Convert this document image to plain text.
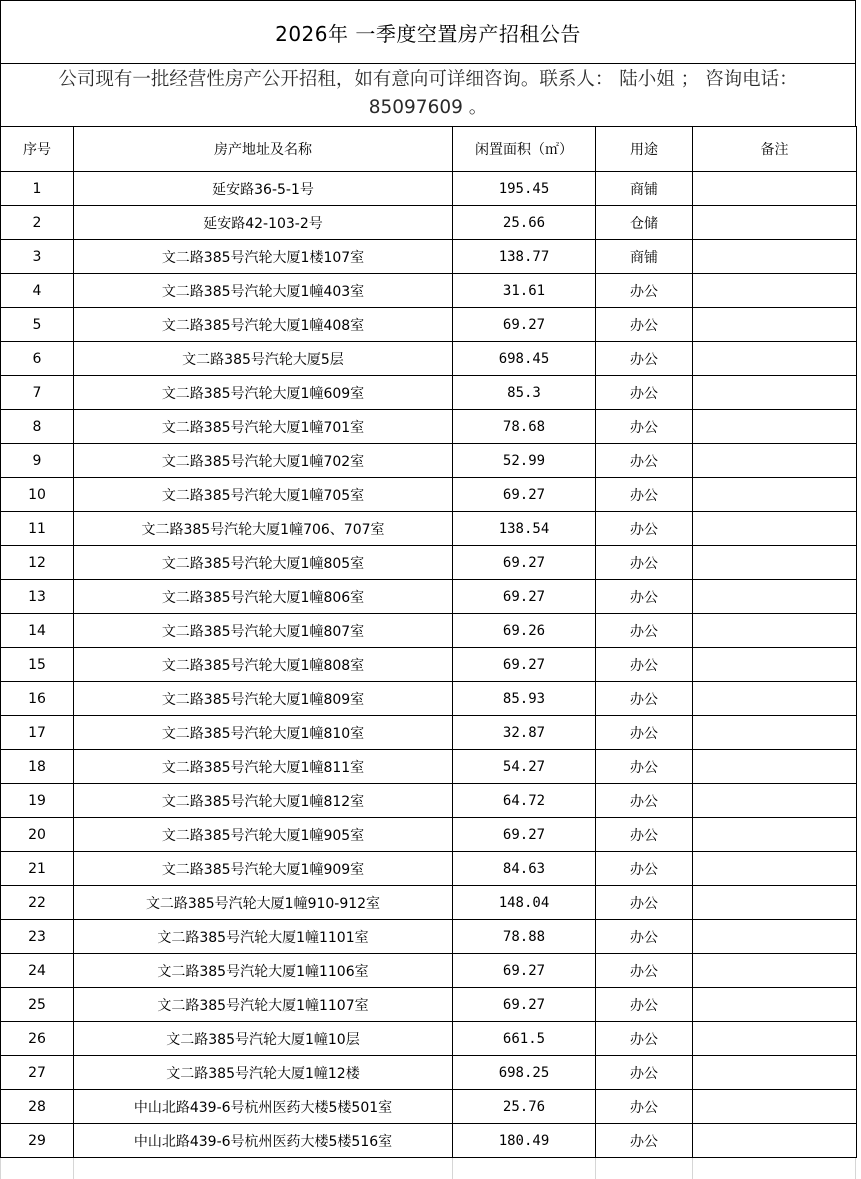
2026年 一季度空置房产招租公告
公司现有一批经营性房产公开招租，如有意向可详细咨询。联系人： 陆小姐 ； 咨询电话：
85097609 。
序号	房产地址及名称	闲置面积（㎡）	用途	备注
1	延安路36-5-1号	195.45	商铺	
2	延安路42-103-2号	25.66	仓储	
3	文二路385号汽轮大厦1楼107室	138.77	商铺	
4	文二路385号汽轮大厦1幢403室	31.61	办公	
5	文二路385号汽轮大厦1幢408室	69.27	办公	
6	文二路385号汽轮大厦5层	698.45	办公	
7	文二路385号汽轮大厦1幢609室	85.3	办公	
8	文二路385号汽轮大厦1幢701室	78.68	办公	
9	文二路385号汽轮大厦1幢702室	52.99	办公	
10	文二路385号汽轮大厦1幢705室	69.27	办公	
11	文二路385号汽轮大厦1幢706、707室	138.54	办公	
12	文二路385号汽轮大厦1幢805室	69.27	办公	
13	文二路385号汽轮大厦1幢806室	69.27	办公	
14	文二路385号汽轮大厦1幢807室	69.26	办公	
15	文二路385号汽轮大厦1幢808室	69.27	办公	
16	文二路385号汽轮大厦1幢809室	85.93	办公	
17	文二路385号汽轮大厦1幢810室	32.87	办公	
18	文二路385号汽轮大厦1幢811室	54.27	办公	
19	文二路385号汽轮大厦1幢812室	64.72	办公	
20	文二路385号汽轮大厦1幢905室	69.27	办公	
21	文二路385号汽轮大厦1幢909室	84.63	办公	
22	文二路385号汽轮大厦1幢910-912室	148.04	办公	
23	文二路385号汽轮大厦1幢1101室	78.88	办公	
24	文二路385号汽轮大厦1幢1106室	69.27	办公	
25	文二路385号汽轮大厦1幢1107室	69.27	办公	
26	文二路385号汽轮大厦1幢10层	661.5	办公	
27	文二路385号汽轮大厦1幢12楼	698.25	办公	
28	中山北路439-6号杭州医药大楼5楼501室	25.76	办公	
29	中山北路439-6号杭州医药大楼5楼516室	180.49	办公	
